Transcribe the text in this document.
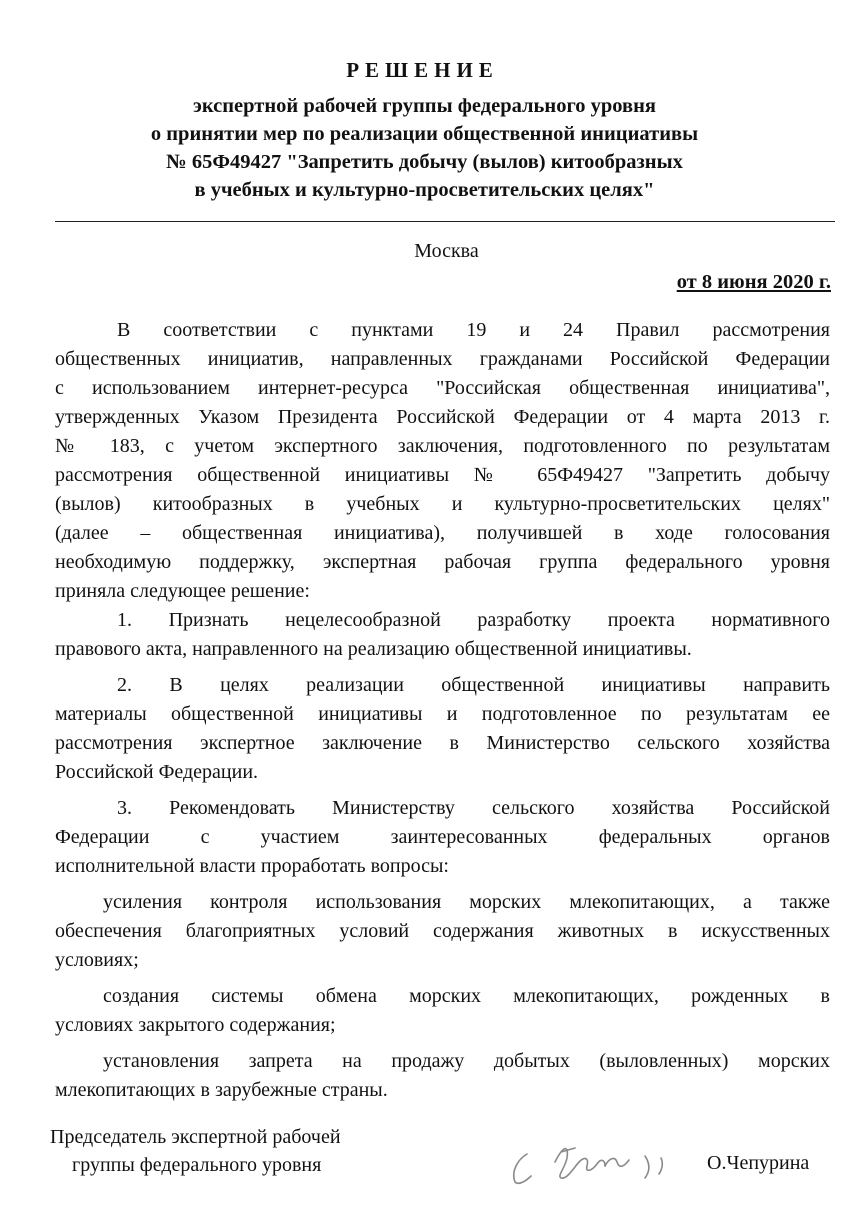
РЕШЕНИЕ
экспертной рабочей группы федерального уровня
о принятии мер по реализации общественной инициативы
№ 65Ф49427 "Запретить добычу (вылов) китообразных
в учебных и культурно-просветительских целях"
Москва
от 8 июня 2020 г.
В соответствии с пунктами 19 и 24 Правил рассмотрения
общественных инициатив, направленных гражданами Российской Федерации
с использованием интернет-ресурса "Российская общественная инициатива",
утвержденных Указом Президента Российской Федерации от 4 марта 2013 г.
№ 183, с учетом экспертного заключения, подготовленного по результатам
рассмотрения общественной инициативы № 65Ф49427 "Запретить добычу
(вылов) китообразных в учебных и культурно-просветительских целях"
(далее – общественная инициатива), получившей в ходе голосования
необходимую поддержку, экспертная рабочая группа федерального уровня
приняла следующее решение:
1. Признать нецелесообразной разработку проекта нормативного
правового акта, направленного на реализацию общественной инициативы.
2. В целях реализации общественной инициативы направить
материалы общественной инициативы и подготовленное по результатам ее
рассмотрения экспертное заключение в Министерство сельского хозяйства
Российской Федерации.
3. Рекомендовать Министерству сельского хозяйства Российской
Федерации с участием заинтересованных федеральных органов
исполнительной власти проработать вопросы:
усиления контроля использования морских млекопитающих, а также
обеспечения благоприятных условий содержания животных в искусственных
условиях;
создания системы обмена морских млекопитающих, рожденных в
условиях закрытого содержания;
установления запрета на продажу добытых (выловленных) морских
млекопитающих в зарубежные страны.
Председатель экспертной рабочей
группы федерального уровня	О.Чепурина
